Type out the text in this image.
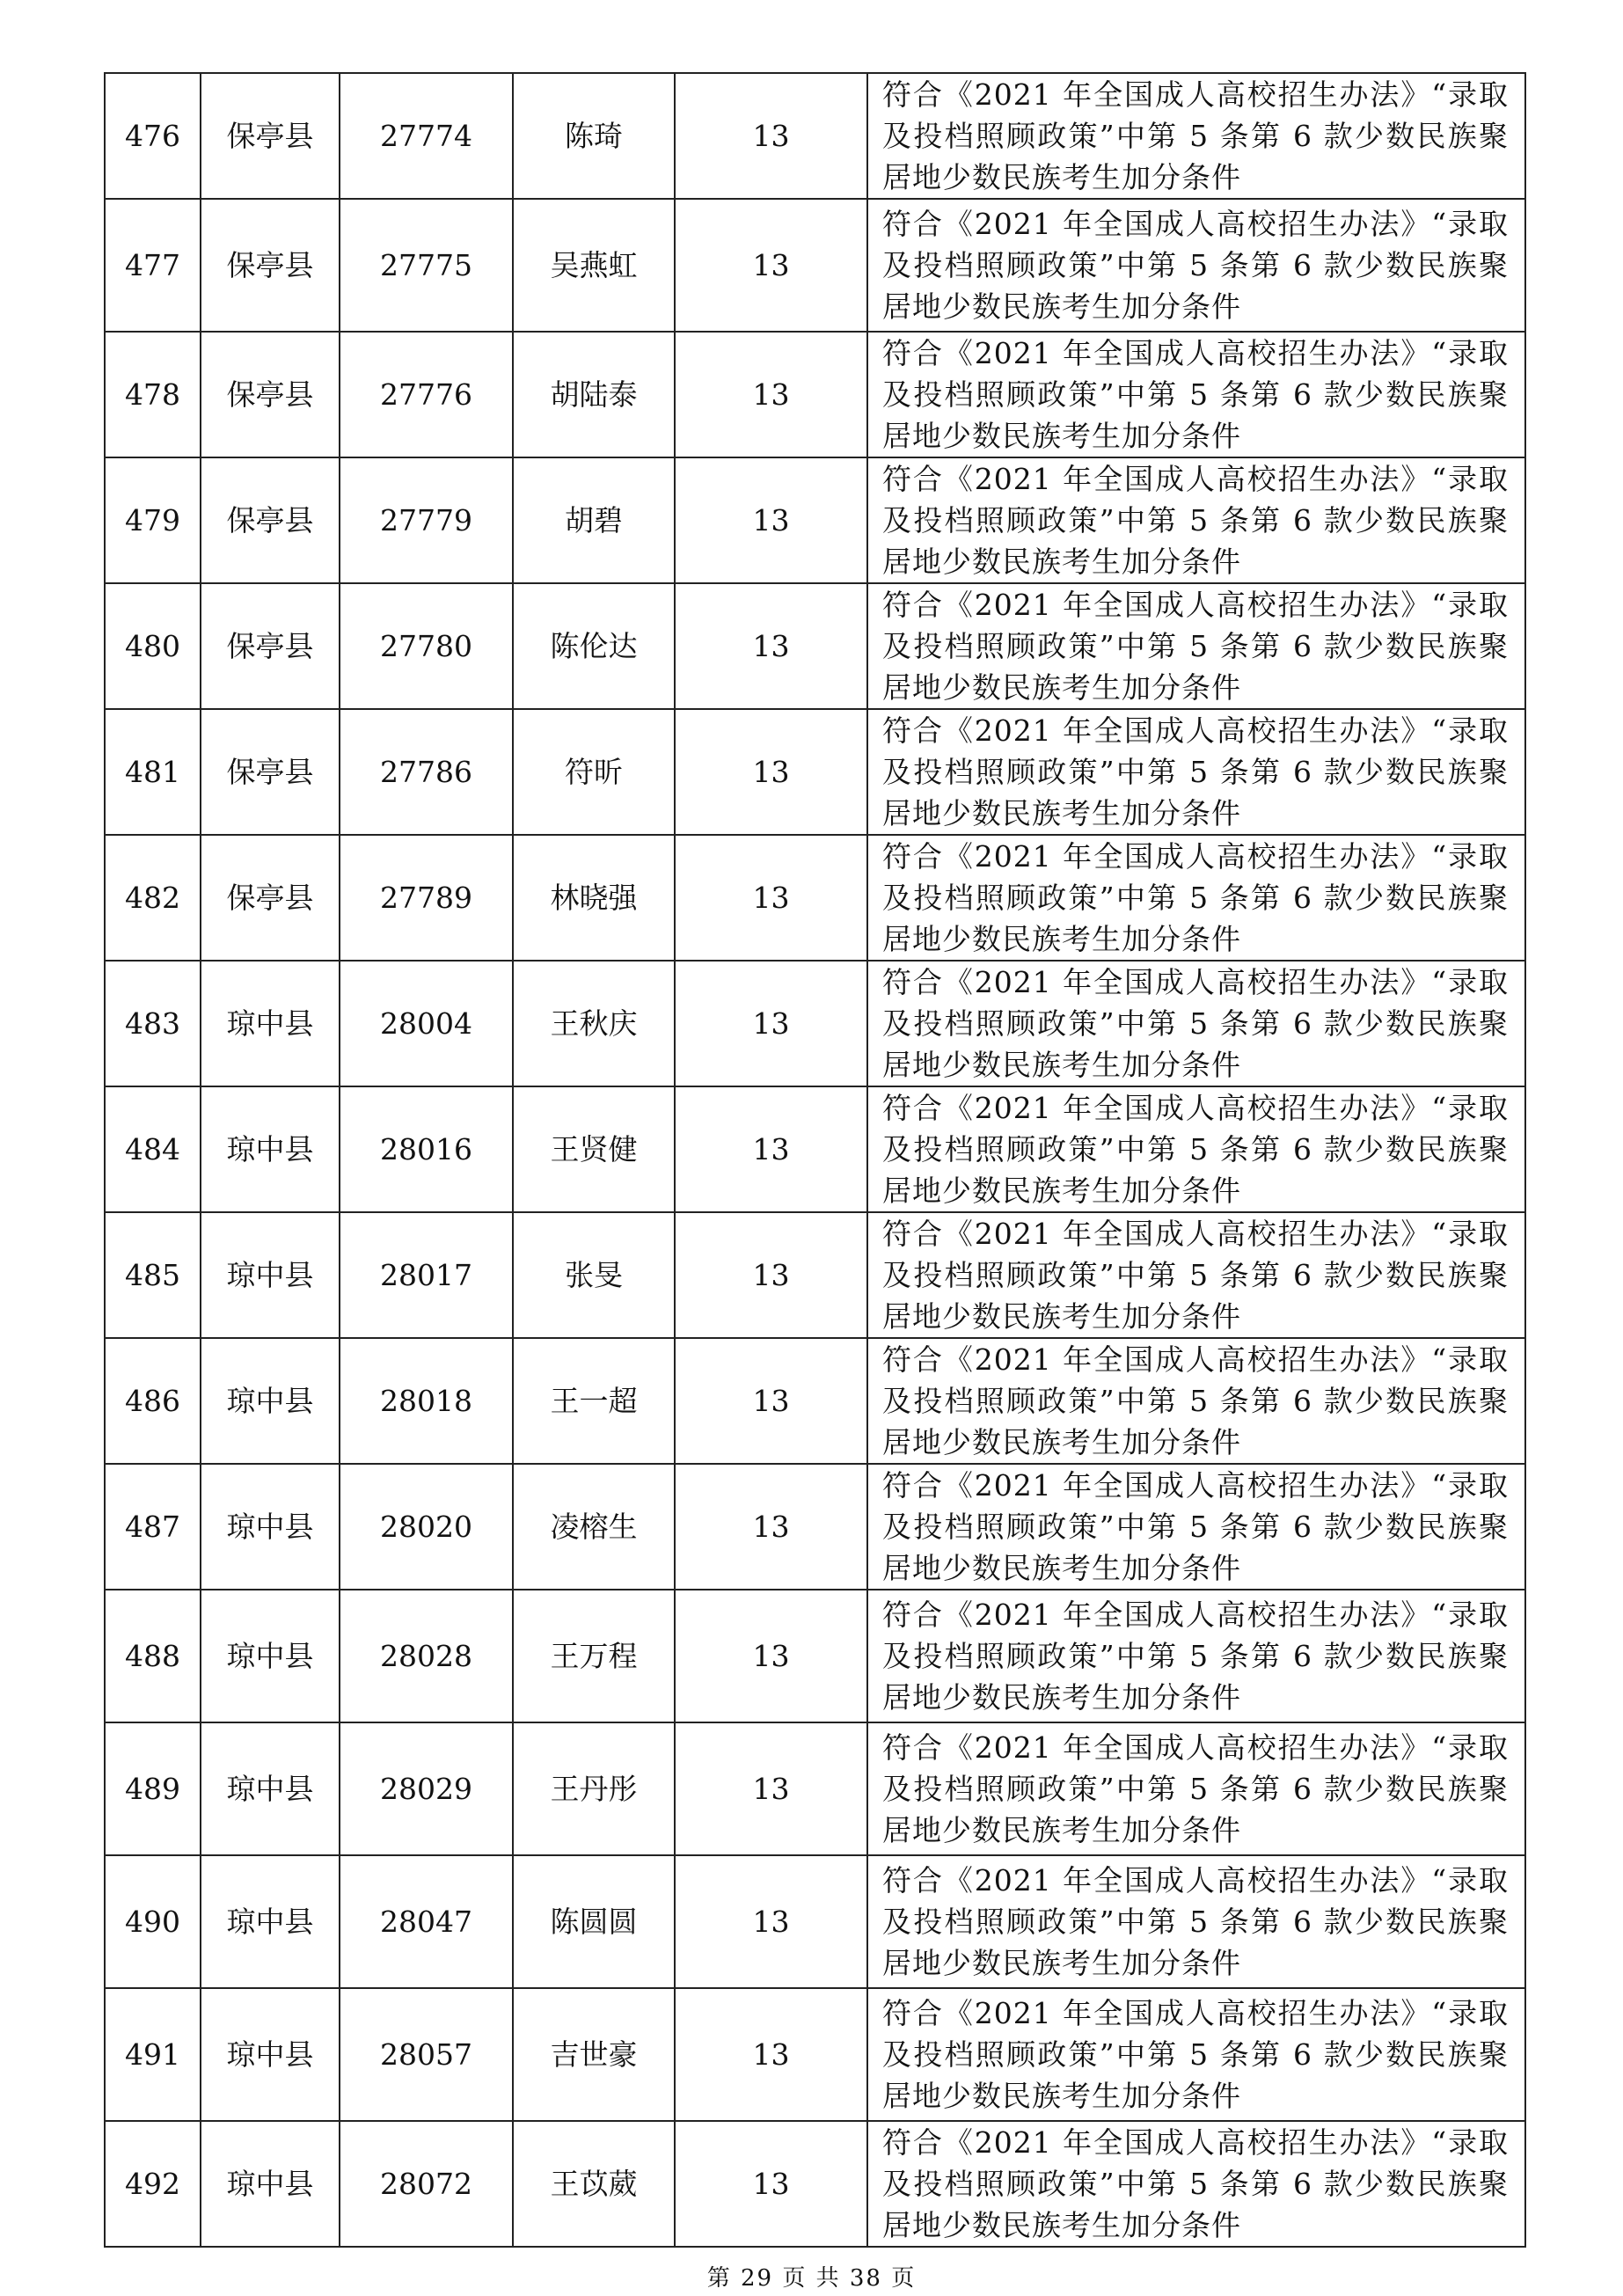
476	保亭县	27774	陈琦	13	符合《2021 年全国成人高校招生办法》“录取及投档照顾政策”中第 5 条第 6 款少数民族聚居地少数民族考生加分条件
477	保亭县	27775	吴燕虹	13	符合《2021 年全国成人高校招生办法》“录取及投档照顾政策”中第 5 条第 6 款少数民族聚居地少数民族考生加分条件
478	保亭县	27776	胡陆泰	13	符合《2021 年全国成人高校招生办法》“录取及投档照顾政策”中第 5 条第 6 款少数民族聚居地少数民族考生加分条件
479	保亭县	27779	胡碧	13	符合《2021 年全国成人高校招生办法》“录取及投档照顾政策”中第 5 条第 6 款少数民族聚居地少数民族考生加分条件
480	保亭县	27780	陈伦达	13	符合《2021 年全国成人高校招生办法》“录取及投档照顾政策”中第 5 条第 6 款少数民族聚居地少数民族考生加分条件
481	保亭县	27786	符昕	13	符合《2021 年全国成人高校招生办法》“录取及投档照顾政策”中第 5 条第 6 款少数民族聚居地少数民族考生加分条件
482	保亭县	27789	林晓强	13	符合《2021 年全国成人高校招生办法》“录取及投档照顾政策”中第 5 条第 6 款少数民族聚居地少数民族考生加分条件
483	琼中县	28004	王秋庆	13	符合《2021 年全国成人高校招生办法》“录取及投档照顾政策”中第 5 条第 6 款少数民族聚居地少数民族考生加分条件
484	琼中县	28016	王贤健	13	符合《2021 年全国成人高校招生办法》“录取及投档照顾政策”中第 5 条第 6 款少数民族聚居地少数民族考生加分条件
485	琼中县	28017	张旻	13	符合《2021 年全国成人高校招生办法》“录取及投档照顾政策”中第 5 条第 6 款少数民族聚居地少数民族考生加分条件
486	琼中县	28018	王一超	13	符合《2021 年全国成人高校招生办法》“录取及投档照顾政策”中第 5 条第 6 款少数民族聚居地少数民族考生加分条件
487	琼中县	28020	凌榕生	13	符合《2021 年全国成人高校招生办法》“录取及投档照顾政策”中第 5 条第 6 款少数民族聚居地少数民族考生加分条件
488	琼中县	28028	王万程	13	符合《2021 年全国成人高校招生办法》“录取及投档照顾政策”中第 5 条第 6 款少数民族聚居地少数民族考生加分条件
489	琼中县	28029	王丹彤	13	符合《2021 年全国成人高校招生办法》“录取及投档照顾政策”中第 5 条第 6 款少数民族聚居地少数民族考生加分条件
490	琼中县	28047	陈圆圆	13	符合《2021 年全国成人高校招生办法》“录取及投档照顾政策”中第 5 条第 6 款少数民族聚居地少数民族考生加分条件
491	琼中县	28057	吉世豪	13	符合《2021 年全国成人高校招生办法》“录取及投档照顾政策”中第 5 条第 6 款少数民族聚居地少数民族考生加分条件
492	琼中县	28072	王苡葳	13	符合《2021 年全国成人高校招生办法》“录取及投档照顾政策”中第 5 条第 6 款少数民族聚居地少数民族考生加分条件
第 29 页 共 38 页
